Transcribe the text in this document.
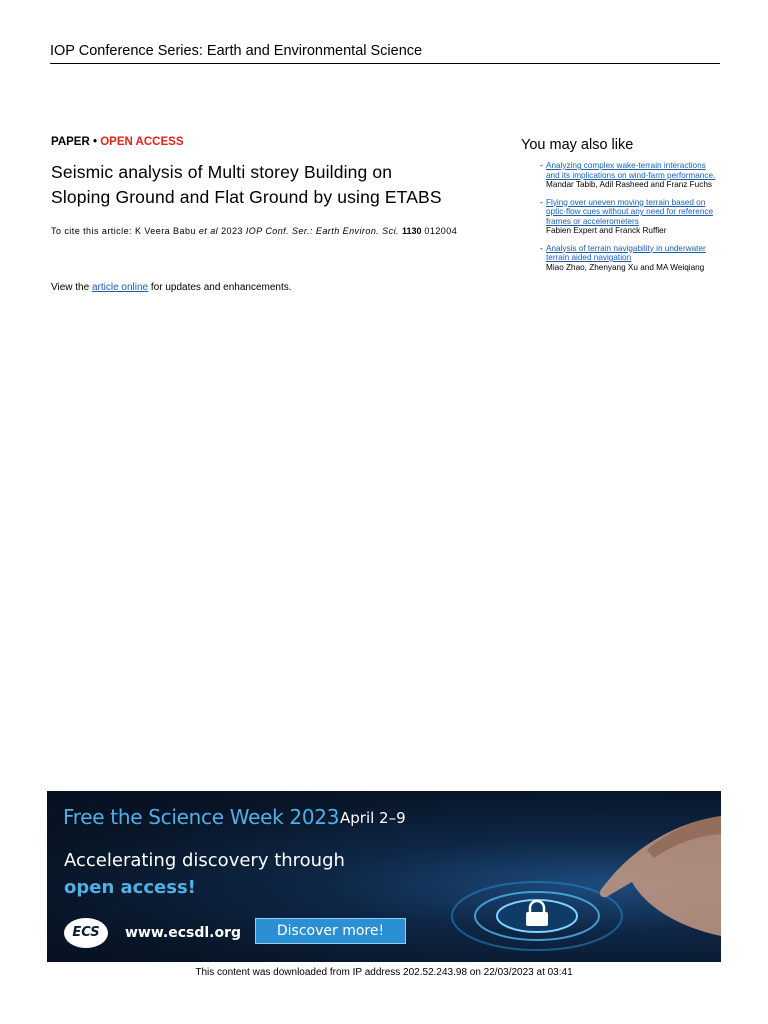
IOP Conference Series: Earth and Environmental Science
PAPER • OPEN ACCESS
Seismic analysis of Multi storey Building on
Sloping Ground and Flat Ground by using ETABS
To cite this article: K Veera Babu et al 2023 IOP Conf. Ser.: Earth Environ. Sci. 1130 012004
View the article online for updates and enhancements.
You may also like
- Analyzing complex wake-terrain interactions and its implications on wind-farm performance.
Mandar Tabib, Adil Rasheed and Franz Fuchs
- Flying over uneven moving terrain based on optic-flow cues without any need for reference frames or accelerometers
Fabien Expert and Franck Ruffier
- Analysis of terrain navigability in underwater terrain aided navigation
Miao Zhao, Zhenyang Xu and MA Weiqiang
Free the Science Week 2023 April 2–9
Accelerating discovery through
open access!
ECS	www.ecsdl.org	Discover more!
This content was downloaded from IP address 202.52.243.98 on 22/03/2023 at 03:41
